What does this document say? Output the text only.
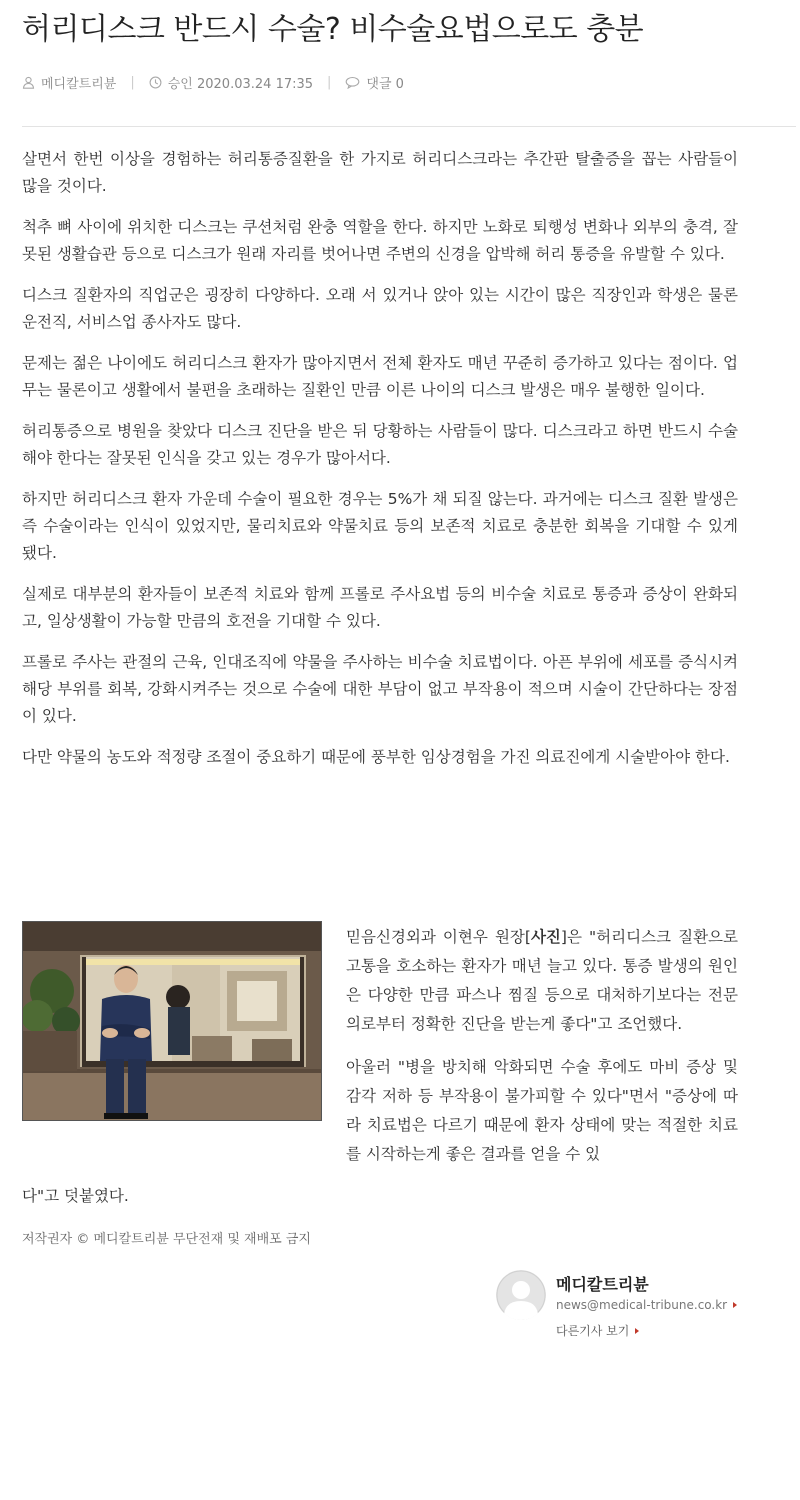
허리디스크 반드시 수술? 비수술요법으로도 충분
메디칼트리뷴 |	승인 2020.03.24 17:35 |	댓글 0

살면서 한번 이상을 경험하는 허리통증질환을 한 가지로 허리디스크라는 추간판 탈출증을 꼽는 사람들이 많을 것이다.

척추 뼈 사이에 위치한 디스크는 쿠션처럼 완충 역할을 한다. 하지만 노화로 퇴행성 변화나 외부의 충격, 잘못된 생활습관 등으로 디스크가 원래 자리를 벗어나면 주변의 신경을 압박해 허리 통증을 유발할 수 있다.

디스크 질환자의 직업군은 굉장히 다양하다. 오래 서 있거나 앉아 있는 시간이 많은 직장인과 학생은 물론 운전직, 서비스업 종사자도 많다.

문제는 젊은 나이에도 허리디스크 환자가 많아지면서 전체 환자도 매년 꾸준히 증가하고 있다는 점이다. 업무는 물론이고 생활에서 불편을 초래하는 질환인 만큼 이른 나이의 디스크 발생은 매우 불행한 일이다.

허리통증으로 병원을 찾았다 디스크 진단을 받은 뒤 당황하는 사람들이 많다. 디스크라고 하면 반드시 수술해야 한다는 잘못된 인식을 갖고 있는 경우가 많아서다.

하지만 허리디스크 환자 가운데 수술이 필요한 경우는 5%가 채 되질 않는다. 과거에는 디스크 질환 발생은 즉 수술이라는 인식이 있었지만, 물리치료와 약물치료 등의 보존적 치료로 충분한 회복을 기대할 수 있게 됐다.

실제로 대부분의 환자들이 보존적 치료와 함께 프롤로 주사요법 등의 비수술 치료로 통증과 증상이 완화되고, 일상생활이 가능할 만큼의 호전을 기대할 수 있다.

프롤로 주사는 관절의 근육, 인대조직에 약물을 주사하는 비수술 치료법이다. 아픈 부위에 세포를 증식시켜 해당 부위를 회복, 강화시켜주는 것으로 수술에 대한 부담이 없고 부작용이 적으며 시술이 간단하다는 장점이 있다.

다만 약물의 농도와 적정량 조절이 중요하기 때문에 풍부한 임상경험을 가진 의료진에게 시술받아야 한다.

믿음신경외과 이현우 원장[사진]은 "허리디스크 질환으로 고통을 호소하는 환자가 매년 늘고 있다. 통증 발생의 원인은 다양한 만큼 파스나 찜질 등으로 대처하기보다는 전문의로부터 정확한 진단을 받는게 좋다"고 조언했다.

아울러 "병을 방치해 악화되면 수술 후에도 마비 증상 및 감각 저하 등 부작용이 불가피할 수 있다"면서 "증상에 따라 치료법은 다르기 때문에 환자 상태에 맞는 적절한 치료를 시작하는게 좋은 결과를 얻을 수 있

다"고 덧붙였다.
저작권자 © 메디칼트리뷴 무단전재 및 재배포 금지
메디칼트리뷴
news@medical-tribune.co.kr
다른기사 보기
